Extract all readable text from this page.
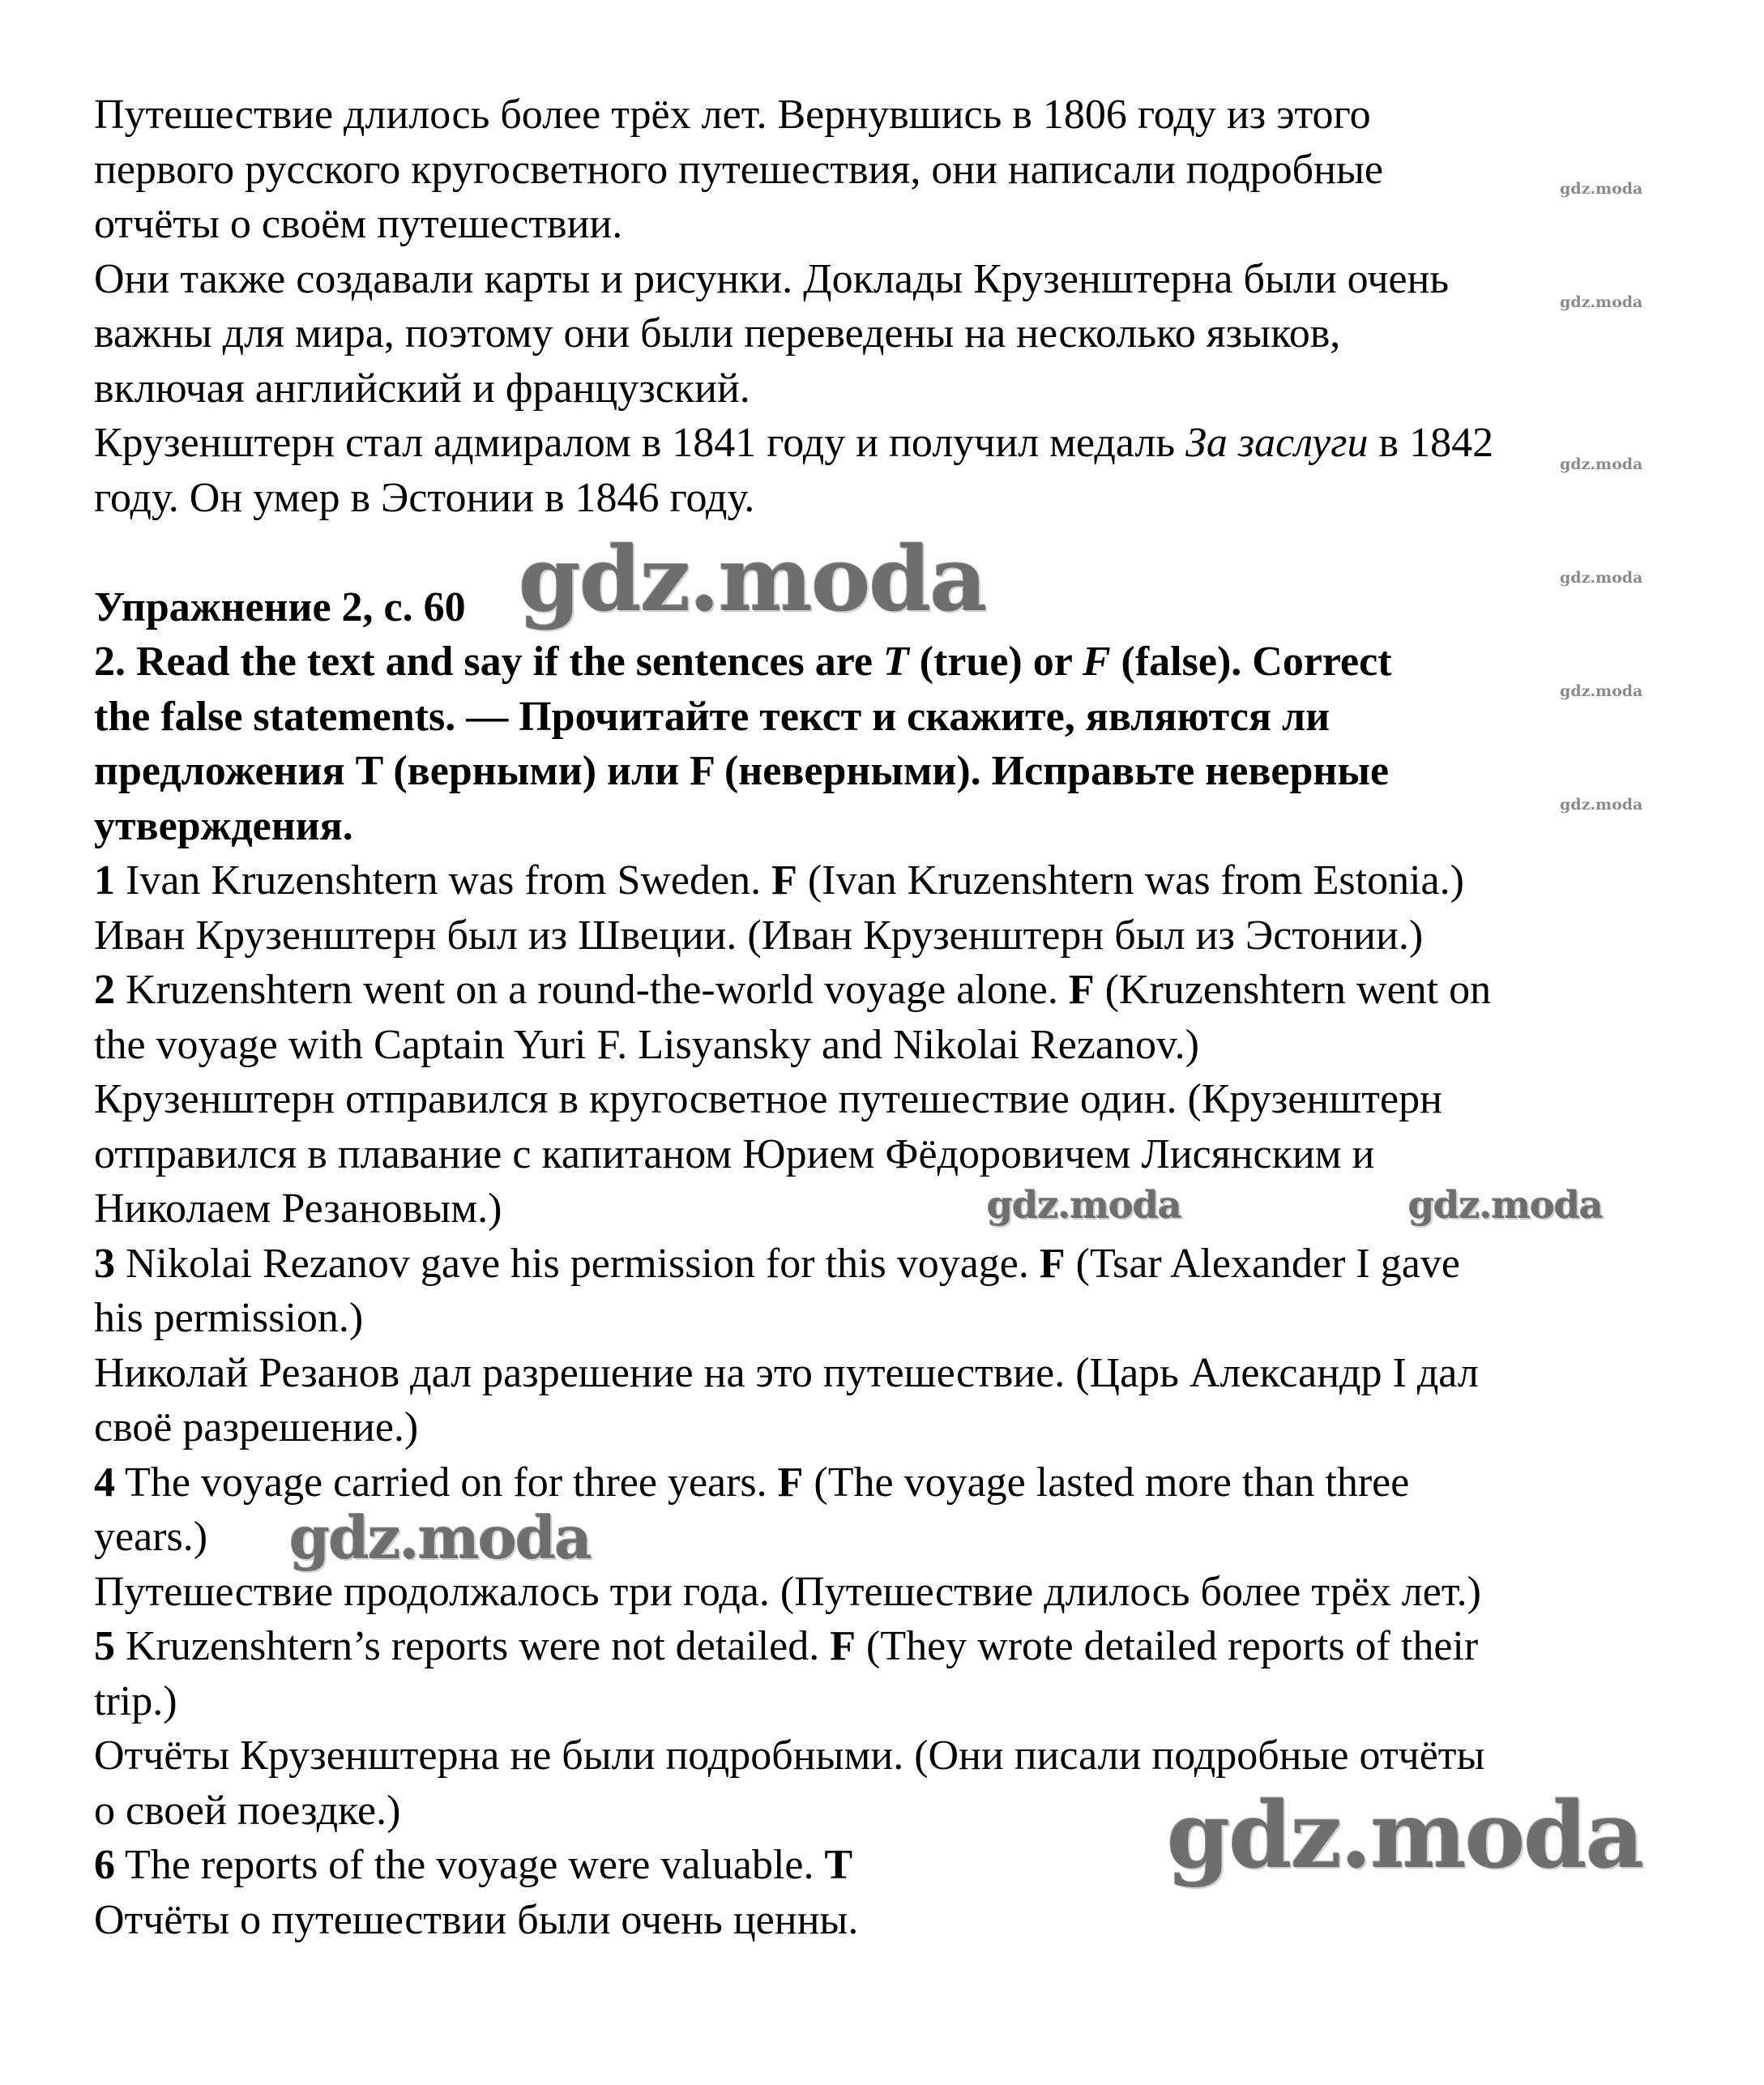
Путешествие длилось более трёх лет. Вернувшись в 1806 году из этого
первого русского кругосветного путешествия, они написали подробные
отчёты о своём путешествии.
Они также создавали карты и рисунки. Доклады Крузенштерна были очень
важны для мира, поэтому они были переведены на несколько языков,
включая английский и французский.
Крузенштерн стал адмиралом в 1841 году и получил медаль За заслуги в 1842
году. Он умер в Эстонии в 1846 году.
Упражнение 2, с. 60
2. Read the text and say if the sentences are T (true) or F (false). Correct
the false statements. — Прочитайте текст и скажите, являются ли
предложения T (верными) или F (неверными). Исправьте неверные
утверждения.
1 Ivan Kruzenshtern was from Sweden. F (Ivan Kruzenshtern was from Estonia.)
Иван Крузенштерн был из Швеции. (Иван Крузенштерн был из Эстонии.)
2 Kruzenshtern went on a round-the-world voyage alone. F (Kruzenshtern went on
the voyage with Captain Yuri F. Lisyansky and Nikolai Rezanov.)
Крузенштерн отправился в кругосветное путешествие один. (Крузенштерн
отправился в плавание с капитаном Юрием Фёдоровичем Лисянским и
Николаем Резановым.)
3 Nikolai Rezanov gave his permission for this voyage. F (Tsar Alexander I gave
his permission.)
Николай Резанов дал разрешение на это путешествие. (Царь Александр I дал
своё разрешение.)
4 The voyage carried on for three years. F (The voyage lasted more than three
years.)
Путешествие продолжалось три года. (Путешествие длилось более трёх лет.)
5 Kruzenshtern’s reports were not detailed. F (They wrote detailed reports of their
trip.)
Отчёты Крузенштерна не были подробными. (Они писали подробные отчёты
о своей поездке.)
6 The reports of the voyage were valuable. T
Отчёты о путешествии были очень ценны.
gdz.moda
gdz.moda
gdz.moda
gdz.moda
gdz.moda
gdz.moda
gdz.moda
gdz.moda	gdz.moda
gdz.moda
gdz.moda
